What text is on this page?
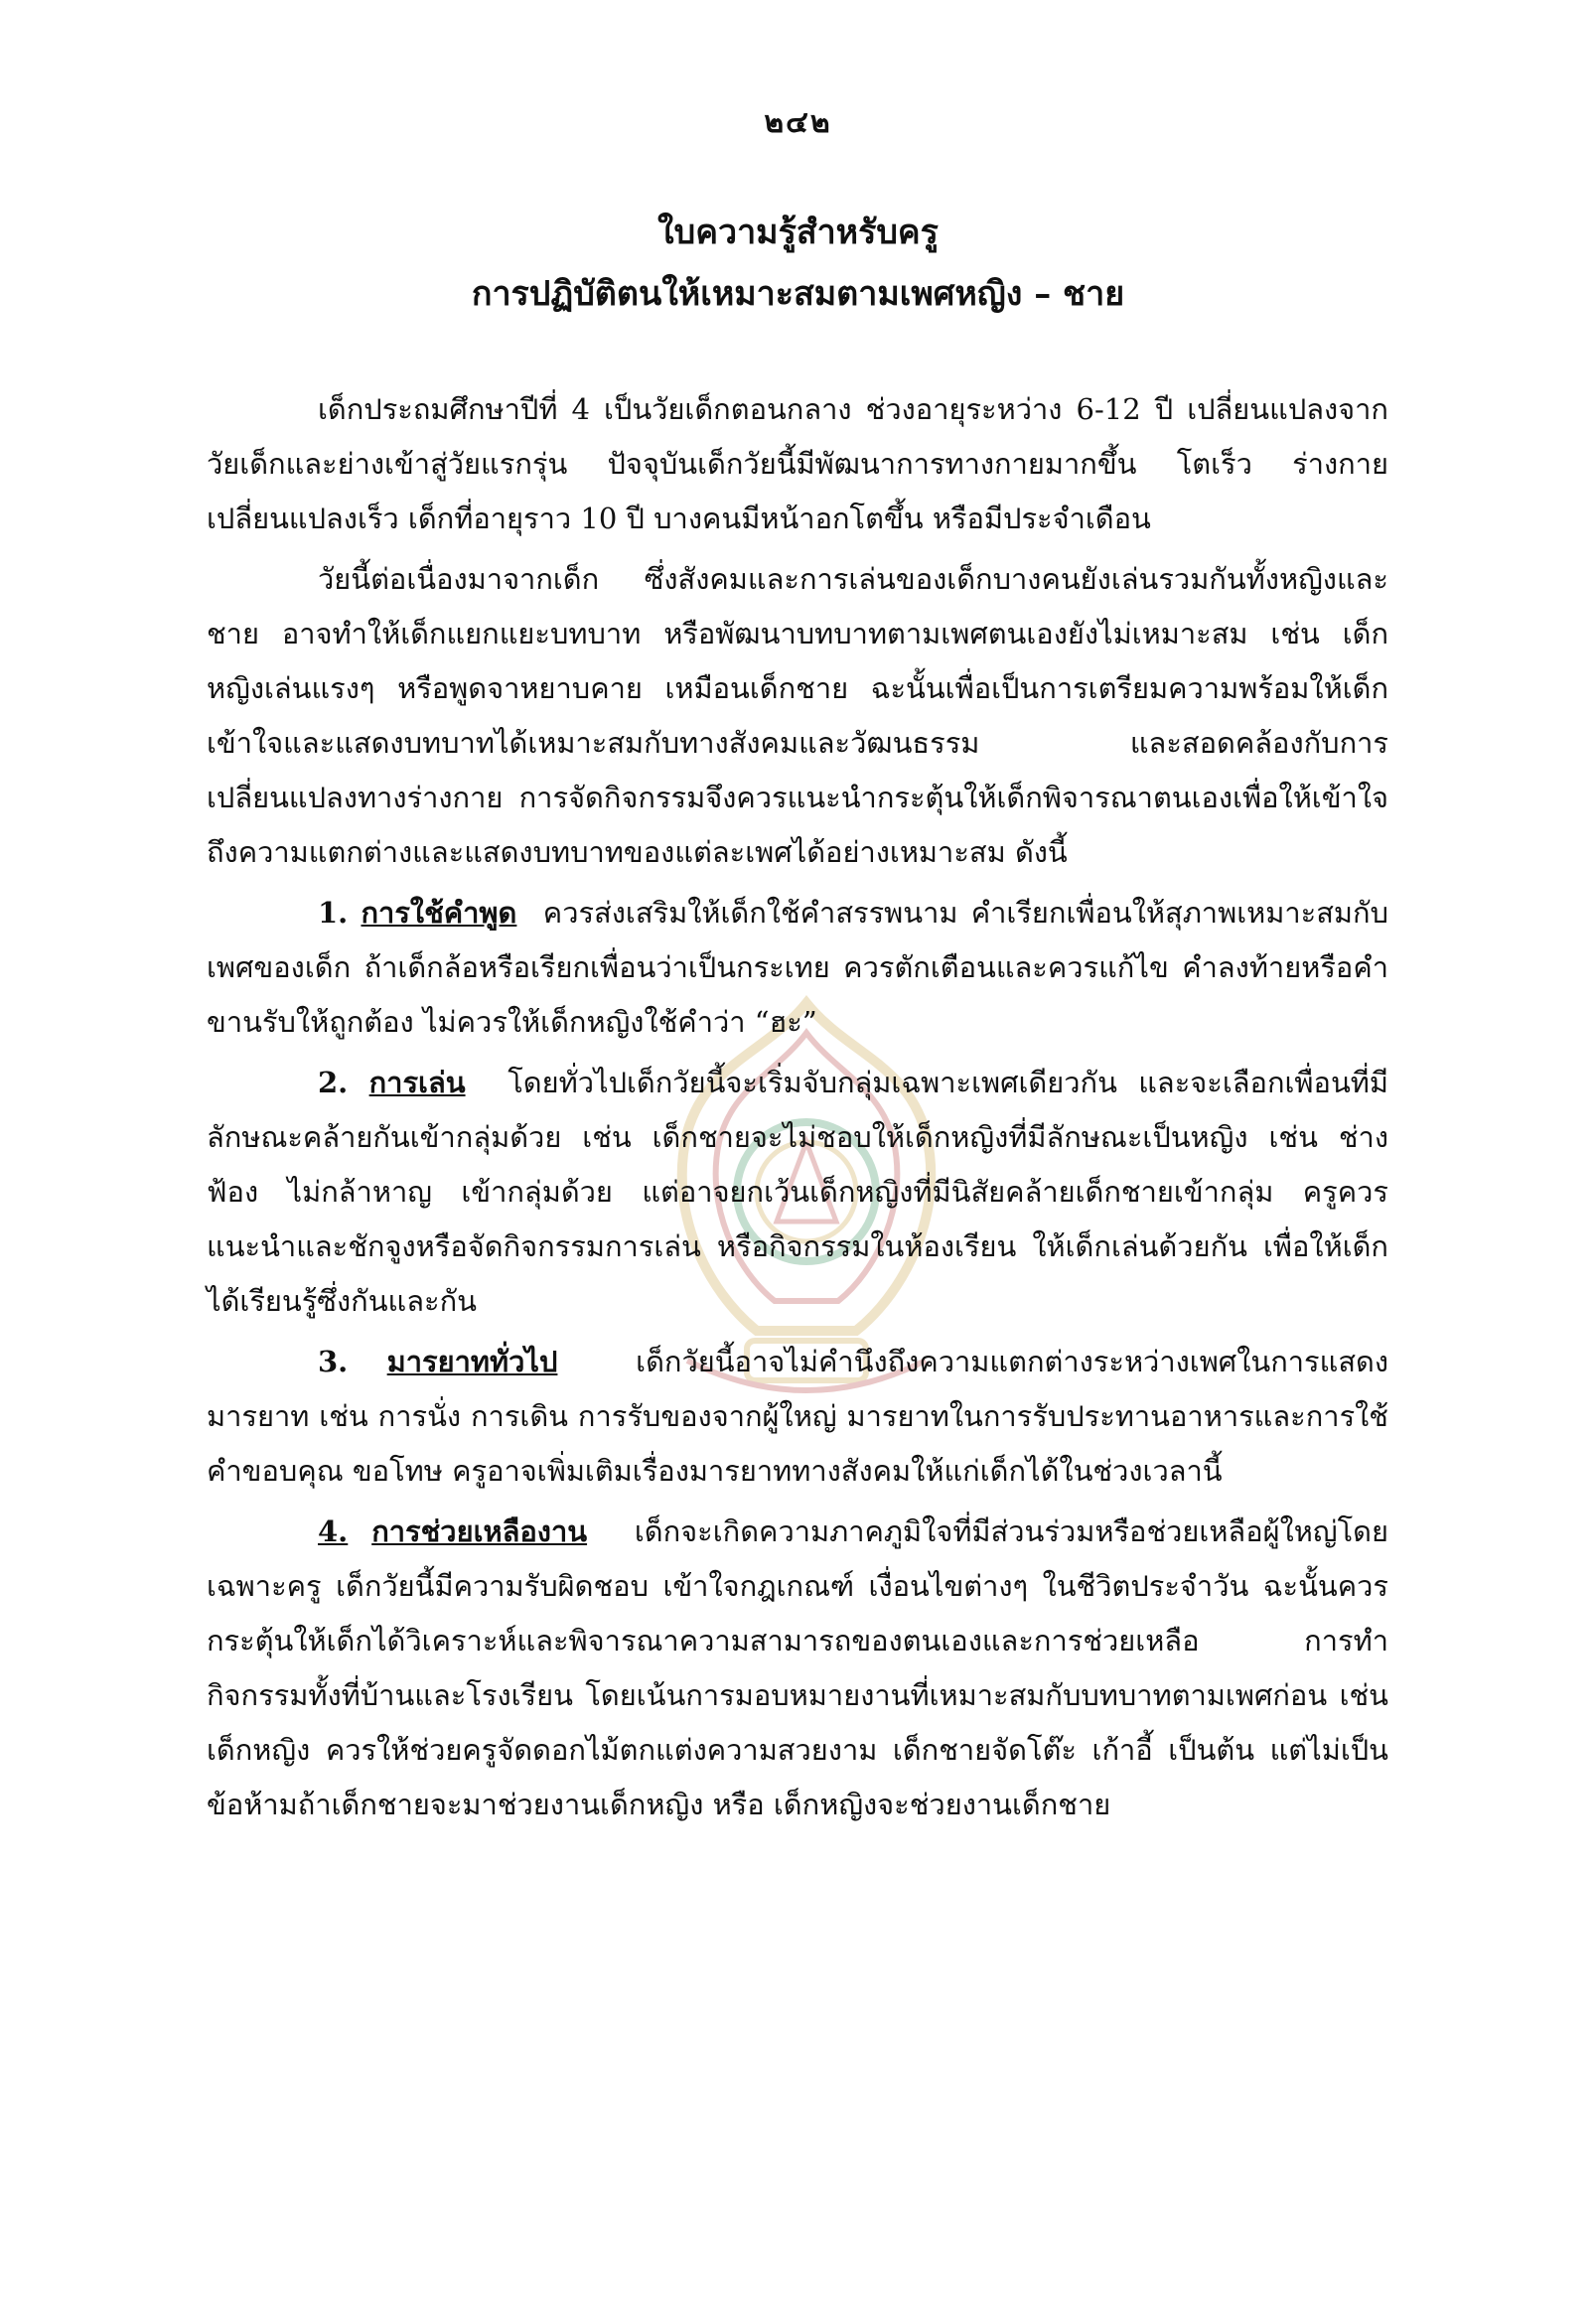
๒๔๒
ใบความรู้สำหรับครู
การปฏิบัติตนให้เหมาะสมตามเพศหญิง – ชาย

เด็กประถมศึกษาปีที่ 4 เป็นวัยเด็กตอนกลาง ช่วงอายุระหว่าง 6-12 ปี เปลี่ยนแปลงจากวัยเด็กและย่างเข้าสู่วัยแรกรุ่น ปัจจุบันเด็กวัยนี้มีพัฒนาการทางกายมากขึ้น โตเร็ว ร่างกายเปลี่ยนแปลงเร็ว เด็กที่อายุราว 10 ปี บางคนมีหน้าอกโตขึ้น หรือมีประจำเดือน

วัยนี้ต่อเนื่องมาจากเด็ก ซึ่งสังคมและการเล่นของเด็กบางคนยังเล่นรวมกันทั้งหญิงและชาย อาจทำให้เด็กแยกแยะบทบาท หรือพัฒนาบทบาทตามเพศตนเองยังไม่เหมาะสม เช่น เด็กหญิงเล่นแรงๆ หรือพูดจาหยาบคาย เหมือนเด็กชาย ฉะนั้นเพื่อเป็นการเตรียมความพร้อมให้เด็กเข้าใจและแสดงบทบาทได้เหมาะสมกับทางสังคมและวัฒนธรรม และสอดคล้องกับการเปลี่ยนแปลงทางร่างกาย การจัดกิจกรรมจึงควรแนะนำกระตุ้นให้เด็กพิจารณาตนเองเพื่อให้เข้าใจถึงความแตกต่างและแสดงบทบาทของแต่ละเพศได้อย่างเหมาะสม ดังนี้

1. การใช้คำพูด ควรส่งเสริมให้เด็กใช้คำสรรพนาม คำเรียกเพื่อนให้สุภาพเหมาะสมกับเพศของเด็ก ถ้าเด็กล้อหรือเรียกเพื่อนว่าเป็นกระเทย ควรตักเตือนและควรแก้ไข คำลงท้ายหรือคำขานรับให้ถูกต้อง ไม่ควรให้เด็กหญิงใช้คำว่า “ฮะ”

2. การเล่น โดยทั่วไปเด็กวัยนี้จะเริ่มจับกลุ่มเฉพาะเพศเดียวกัน และจะเลือกเพื่อนที่มีลักษณะคล้ายกันเข้ากลุ่มด้วย เช่น เด็กชายจะไม่ชอบให้เด็กหญิงที่มีลักษณะเป็นหญิง เช่น ช่างฟ้อง ไม่กล้าหาญ เข้ากลุ่มด้วย แต่อาจยกเว้นเด็กหญิงที่มีนิสัยคล้ายเด็กชายเข้ากลุ่ม ครูควรแนะนำและชักจูงหรือจัดกิจกรรมการเล่น หรือกิจกรรมในห้องเรียน ให้เด็กเล่นด้วยกัน เพื่อให้เด็กได้เรียนรู้ซึ่งกันและกัน

3. มารยาททั่วไป	เด็กวัยนี้อาจไม่คำนึงถึงความแตกต่างระหว่างเพศในการแสดงมารยาท เช่น การนั่ง การเดิน การรับของจากผู้ใหญ่ มารยาทในการรับประทานอาหารและการใช้คำขอบคุณ ขอโทษ ครูอาจเพิ่มเติมเรื่องมารยาททางสังคมให้แก่เด็กได้ในช่วงเวลานี้

4. การช่วยเหลืองาน เด็กจะเกิดความภาคภูมิใจที่มีส่วนร่วมหรือช่วยเหลือผู้ใหญ่โดยเฉพาะครู เด็กวัยนี้มีความรับผิดชอบ เข้าใจกฎเกณฑ์ เงื่อนไขต่างๆ ในชีวิตประจำวัน ฉะนั้นควรกระตุ้นให้เด็กได้วิเคราะห์และพิจารณาความสามารถของตนเองและการช่วยเหลือ การทำกิจกรรมทั้งที่บ้านและโรงเรียน โดยเน้นการมอบหมายงานที่เหมาะสมกับบทบาทตามเพศก่อน เช่น เด็กหญิง ควรให้ช่วยครูจัดดอกไม้ตกแต่งความสวยงาม เด็กชายจัดโต๊ะ เก้าอี้ เป็นต้น แต่ไม่เป็นข้อห้ามถ้าเด็กชายจะมาช่วยงานเด็กหญิง หรือ เด็กหญิงจะช่วยงานเด็กชาย
